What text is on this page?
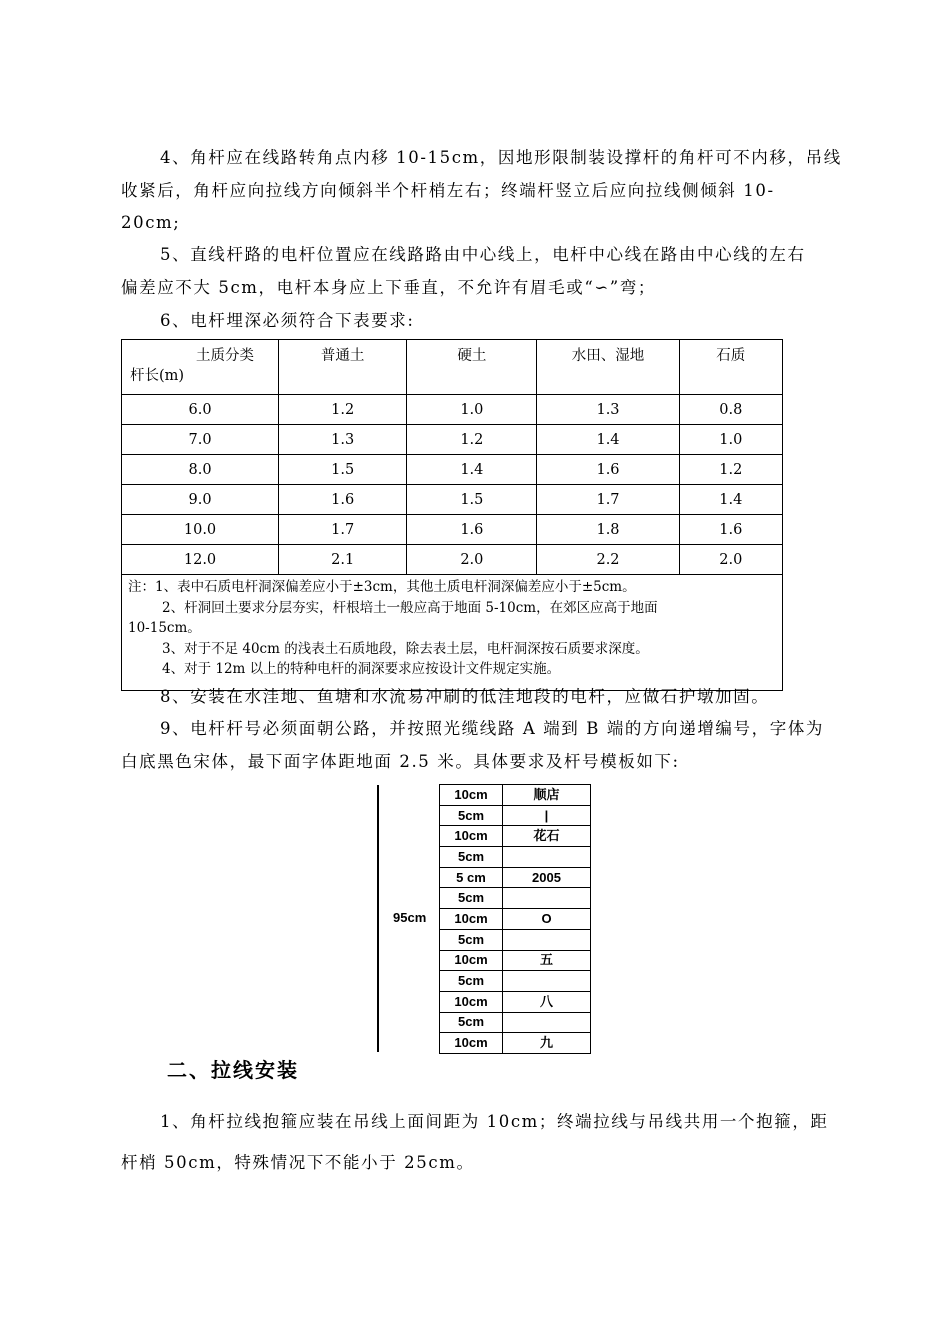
4、角杆应在线路转角点内移 10-15cm，因地形限制装设撑杆的角杆可不内移，吊线
收紧后，角杆应向拉线方向倾斜半个杆梢左右；终端杆竖立后应向拉线侧倾斜 10-
20cm;
5、直线杆路的电杆位置应在线路路由中心线上，电杆中心线在路由中心线的左右
偏差应不大 5cm，电杆本身应上下垂直，不允许有眉毛或“∽”弯；
6、电杆埋深必须符合下表要求:
土质分类
杆长(m)	普通土	硬土	水田、湿地	石质
6.0	1.2	1.0	1.3	0.8
7.0	1.3	1.2	1.4	1.0
8.0	1.5	1.4	1.6	1.2
9.0	1.6	1.5	1.7	1.4
10.0	1.7	1.6	1.8	1.6
12.0	2.1	2.0	2.2	2.0

注：1、表中石质电杆洞深偏差应小于±3cm，其他土质电杆洞深偏差应小于±5cm。
2、杆洞回土要求分层夯实，杆根培土一般应高于地面 5-10cm，在郊区应高于地面
10-15cm。
3、对于不足 40cm 的浅表土石质地段，除去表土层，电杆洞深按石质要求深度。
4、对于 12m 以上的特种电杆的洞深要求应按设计文件规定实施。				
8、安装在水洼地、鱼塘和水流易冲刷的低洼地段的电杆，应做石护墩加固。
9、电杆杆号必须面朝公路，并按照光缆线路 A 端到 B 端的方向递增编号，字体为
白底黑色宋体，最下面字体距地面 2.5 米。具体要求及杆号模板如下:
95cm
10cm	顺店
5cm	|
10cm	花石
5cm	
5 cm	2005
5cm	
10cm	O
5cm	
10cm	五
5cm	
10cm	八
5cm	
10cm	九
二、拉线安装
1、角杆拉线抱箍应装在吊线上面间距为 10cm；终端拉线与吊线共用一个抱箍，距
杆梢 50cm，特殊情况下不能小于 25cm。
